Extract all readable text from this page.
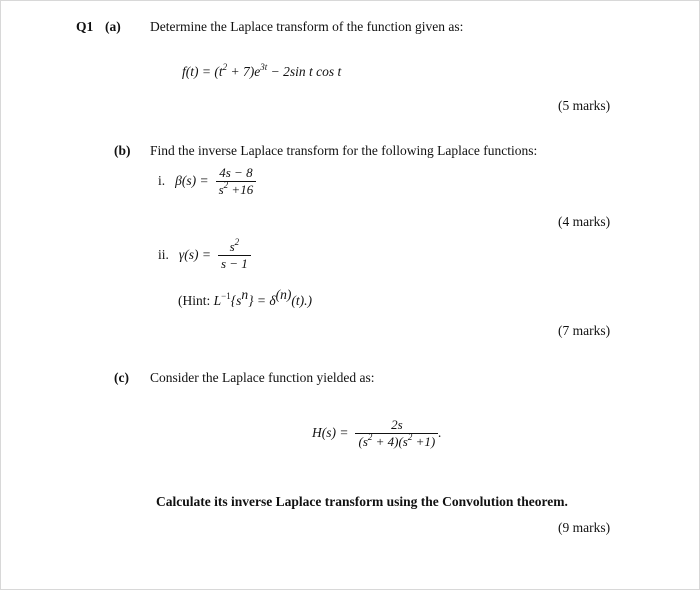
Q1 (a) Determine the Laplace transform of the function given as:
$f(t) = (t^2 + 7)e^{3t} - 2\sin$ t cos t
(5 marks)
(b) Find the inverse Laplace transform for the following Laplace functions:
i. $\beta(s) = \frac{4s - 8}{s^2 +16}$
(4 marks)
ii. $\gamma(s) = \frac{s^2}{s - 1}$
(Hint: $L^{-1}\{s^n\} = \delta^{(n)}(t)$.)
(7 marks)
(c) Consider the Laplace function yielded as:
$H(s) = \frac{2s}{(s^2 + 4)(s^2 +1)}$ .
Calculate its inverse Laplace transform using the Convolution theorem.
(9 marks)
